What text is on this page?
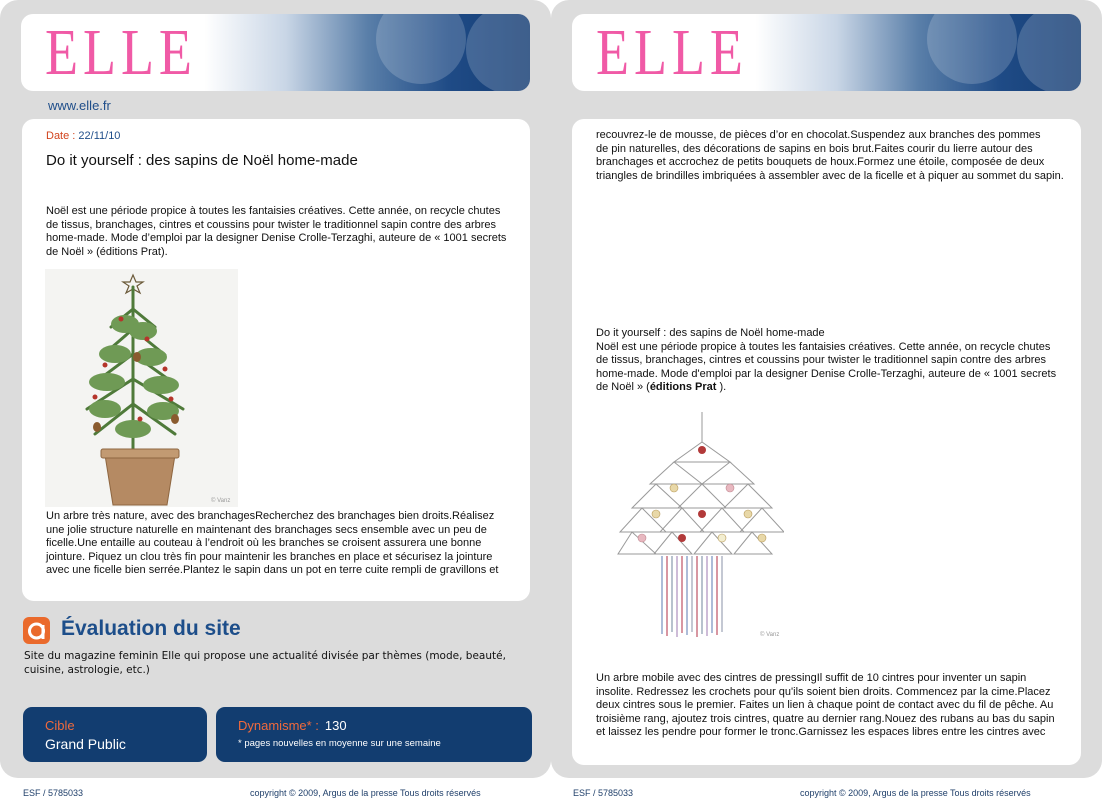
ELLE
www.elle.fr
Date : 22/11/10
Do it yourself : des sapins de Noël home-made
Noël est une période propice à toutes les fantaisies créatives. Cette année, on recycle chutes
de tissus, branchages, cintres et coussins pour twister le traditionnel sapin contre des arbres
home-made. Mode d’emploi par la designer Denise Crolle-Terzaghi, auteure de « 1001 secrets
de Noël » (éditions Prat).
© Vanz
Un arbre très nature, avec des branchagesRecherchez des branchages bien droits.Réalisez
une jolie structure naturelle en maintenant des branchages secs ensemble avec un peu de
ficelle.Une entaille au couteau à l’endroit où les branches se croisent assurera une bonne
jointure. Piquez un clou très fin pour maintenir les branches en place et sécurisez la jointure
avec une ficelle bien serrée.Plantez le sapin dans un pot en terre cuite rempli de gravillons et
Évaluation du site
Site du magazine feminin Elle qui propose une actualité divisée par thèmes (mode, beauté, cuisine, astrologie, etc.)
Cible
Grand Public
Dynamisme* : 130
* pages nouvelles en moyenne sur une semaine
ESF / 5785033	copyright © 2009, Argus de la presse Tous droits réservés
ELLE
recouvrez-le de mousse, de pièces d’or en chocolat.Suspendez aux branches des pommes
de pin naturelles, des décorations de sapins en bois brut.Faites courir du lierre autour des
branchages et accrochez de petits bouquets de houx.Formez une étoile, composée de deux
triangles de brindilles imbriquées à assembler avec de la ficelle et à piquer au sommet du sapin.
Do it yourself : des sapins de Noël home-made
Noël est une période propice à toutes les fantaisies créatives. Cette année, on recycle chutes
de tissus, branchages, cintres et coussins pour twister le traditionnel sapin contre des arbres
home-made. Mode d'emploi par la designer Denise Crolle-Terzaghi, auteure de « 1001 secrets
de Noël » (éditions Prat ).
© Vanz
Un arbre mobile avec des cintres de pressingIl suffit de 10 cintres pour inventer un sapin
insolite. Redressez les crochets pour qu'ils soient bien droits. Commencez par la cime.Placez
deux cintres sous le premier. Faites un lien à chaque point de contact avec du fil de pêche. Au
troisième rang, ajoutez trois cintres, quatre au dernier rang.Nouez des rubans au bas du sapin
et laissez les pendre pour former le tronc.Garnissez les espaces libres entre les cintres avec
ESF / 5785033	copyright © 2009, Argus de la presse Tous droits réservés
